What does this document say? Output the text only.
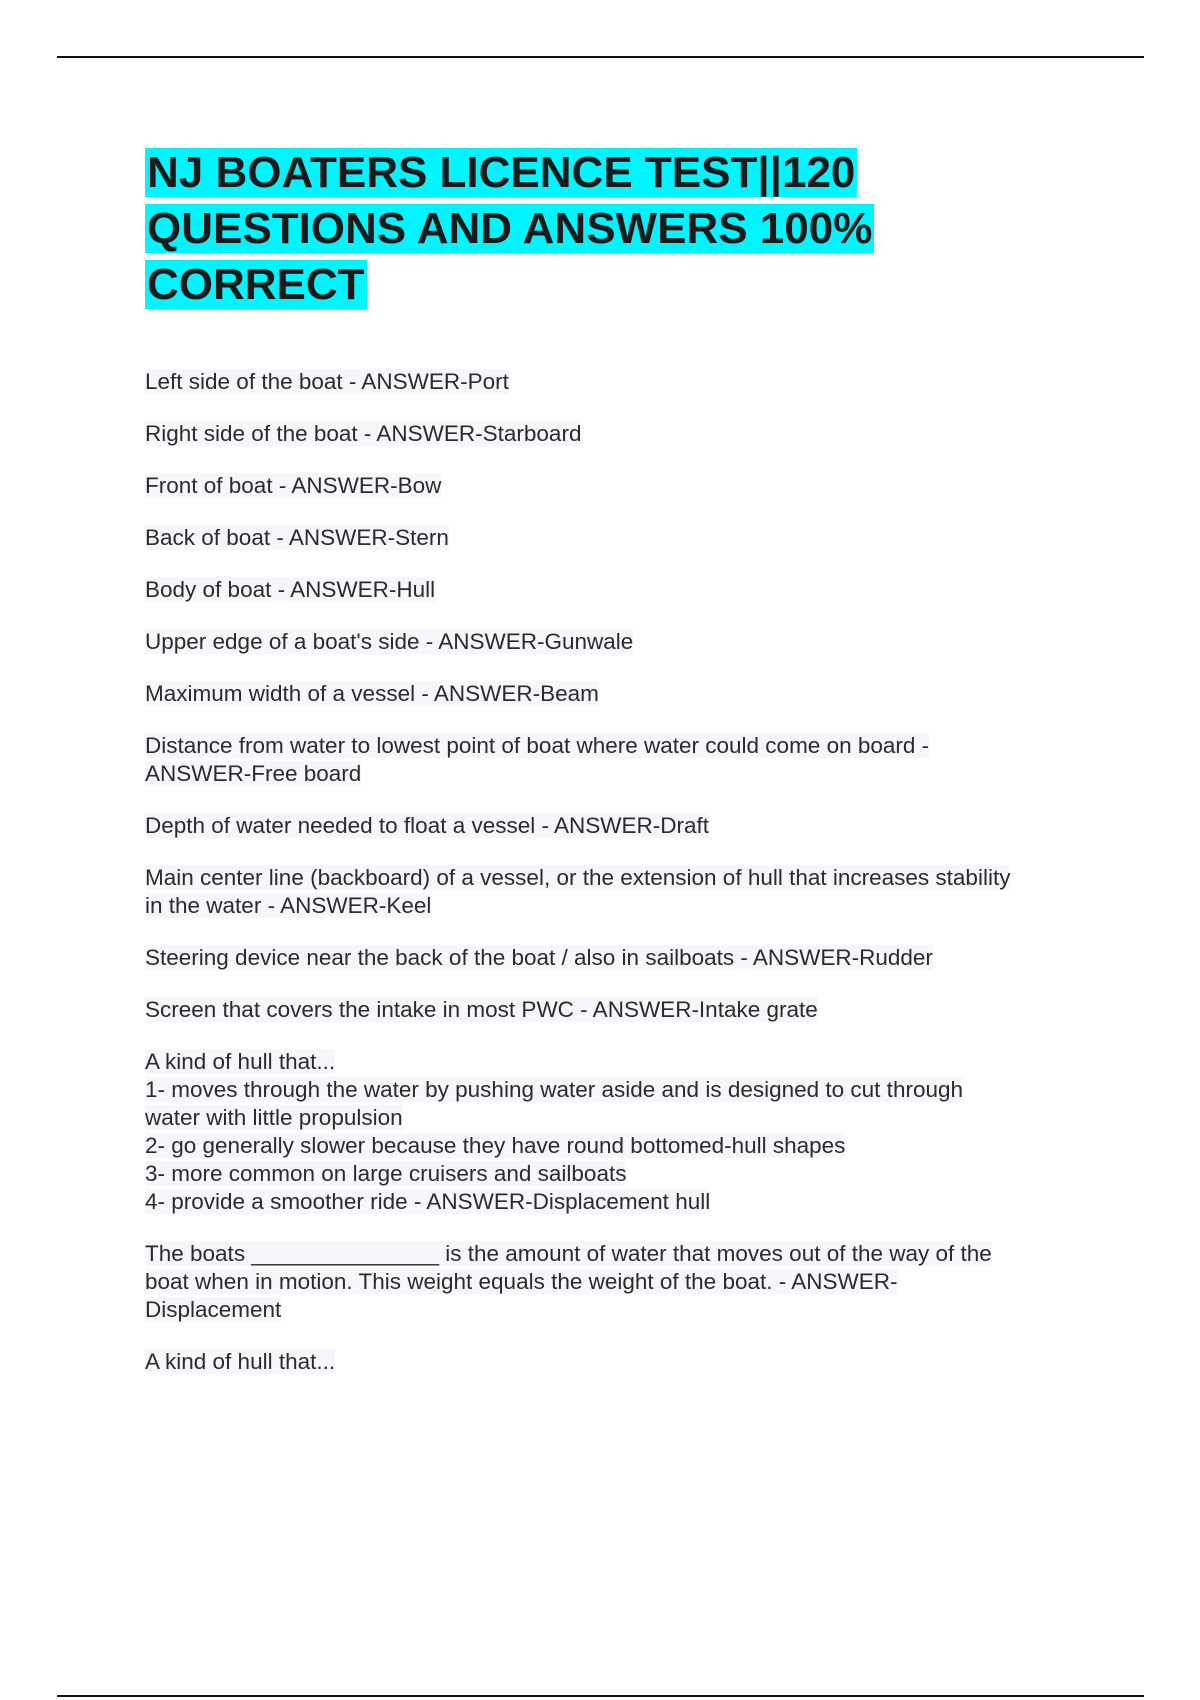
NJ BOATERS LICENCE TEST||120 QUESTIONS AND ANSWERS 100% CORRECT

Left side of the boat - ANSWER-Port

Right side of the boat - ANSWER-Starboard

Front of boat - ANSWER-Bow

Back of boat - ANSWER-Stern

Body of boat - ANSWER-Hull

Upper edge of a boat's side - ANSWER-Gunwale

Maximum width of a vessel - ANSWER-Beam

Distance from water to lowest point of boat where water could come on board -
ANSWER-Free board

Depth of water needed to float a vessel - ANSWER-Draft

Main center line (backboard) of a vessel, or the extension of hull that increases stability
in the water - ANSWER-Keel

Steering device near the back of the boat / also in sailboats - ANSWER-Rudder

Screen that covers the intake in most PWC - ANSWER-Intake grate

A kind of hull that...
1- moves through the water by pushing water aside and is designed to cut through
water with little propulsion
2- go generally slower because they have round bottomed-hull shapes
3- more common on large cruisers and sailboats
4- provide a smoother ride - ANSWER-Displacement hull

The boats _______________ is the amount of water that moves out of the way of the
boat when in motion. This weight equals the weight of the boat. - ANSWER-
Displacement

A kind of hull that...
